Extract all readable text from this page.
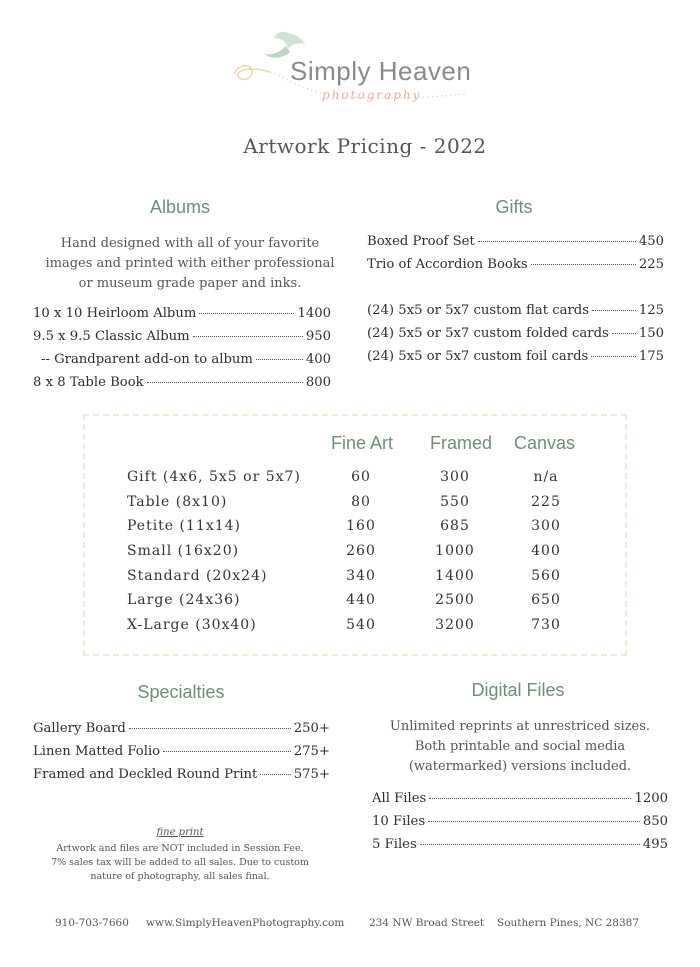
Simply Heaven
photography
Artwork Pricing - 2022
Albums
Hand designed with all of your favorite
images and printed with either professional
or museum grade paper and inks.
10 x 10 Heirloom Album	1400
9.5 x 9.5 Classic Album	950
-- Grandparent add-on to album	400
8 x 8 Table Book	800
Gifts
Boxed Proof Set	450
Trio of Accordion Books	225
(24) 5x5 or 5x7 custom flat cards	125
(24) 5x5 or 5x7 custom folded cards 150
(24) 5x5 or 5x7 custom foil cards	175
Fine Art Framed Canvas
Gift (4x6, 5x5 or 5x7)	60	300	n/a
Table (8x10)	80	550	225
Petite (11x14)	160	685	300
Small (16x20)	260	1000	400
Standard (20x24)	340	1400	560
Large (24x36)	440	2500	650
X-Large (30x40)	540	3200	730
Specialties
Gallery Board	250+
Linen Matted Folio	275+
Framed and Deckled Round Print	575+
Digital Files
Unlimited reprints at unrestriced sizes.
Both printable and social media
(watermarked) versions included.
All Files	1200
10 Files	850
5 Files	495
fine print
Artwork and files are NOT included in Session Fee.
7% sales tax will be added to all sales. Due to custom
nature of photography, all sales final.
910-703-7660 www.SimplyHeavenPhotography.com 234 NW Broad Street Southern Pines, NC 28387
